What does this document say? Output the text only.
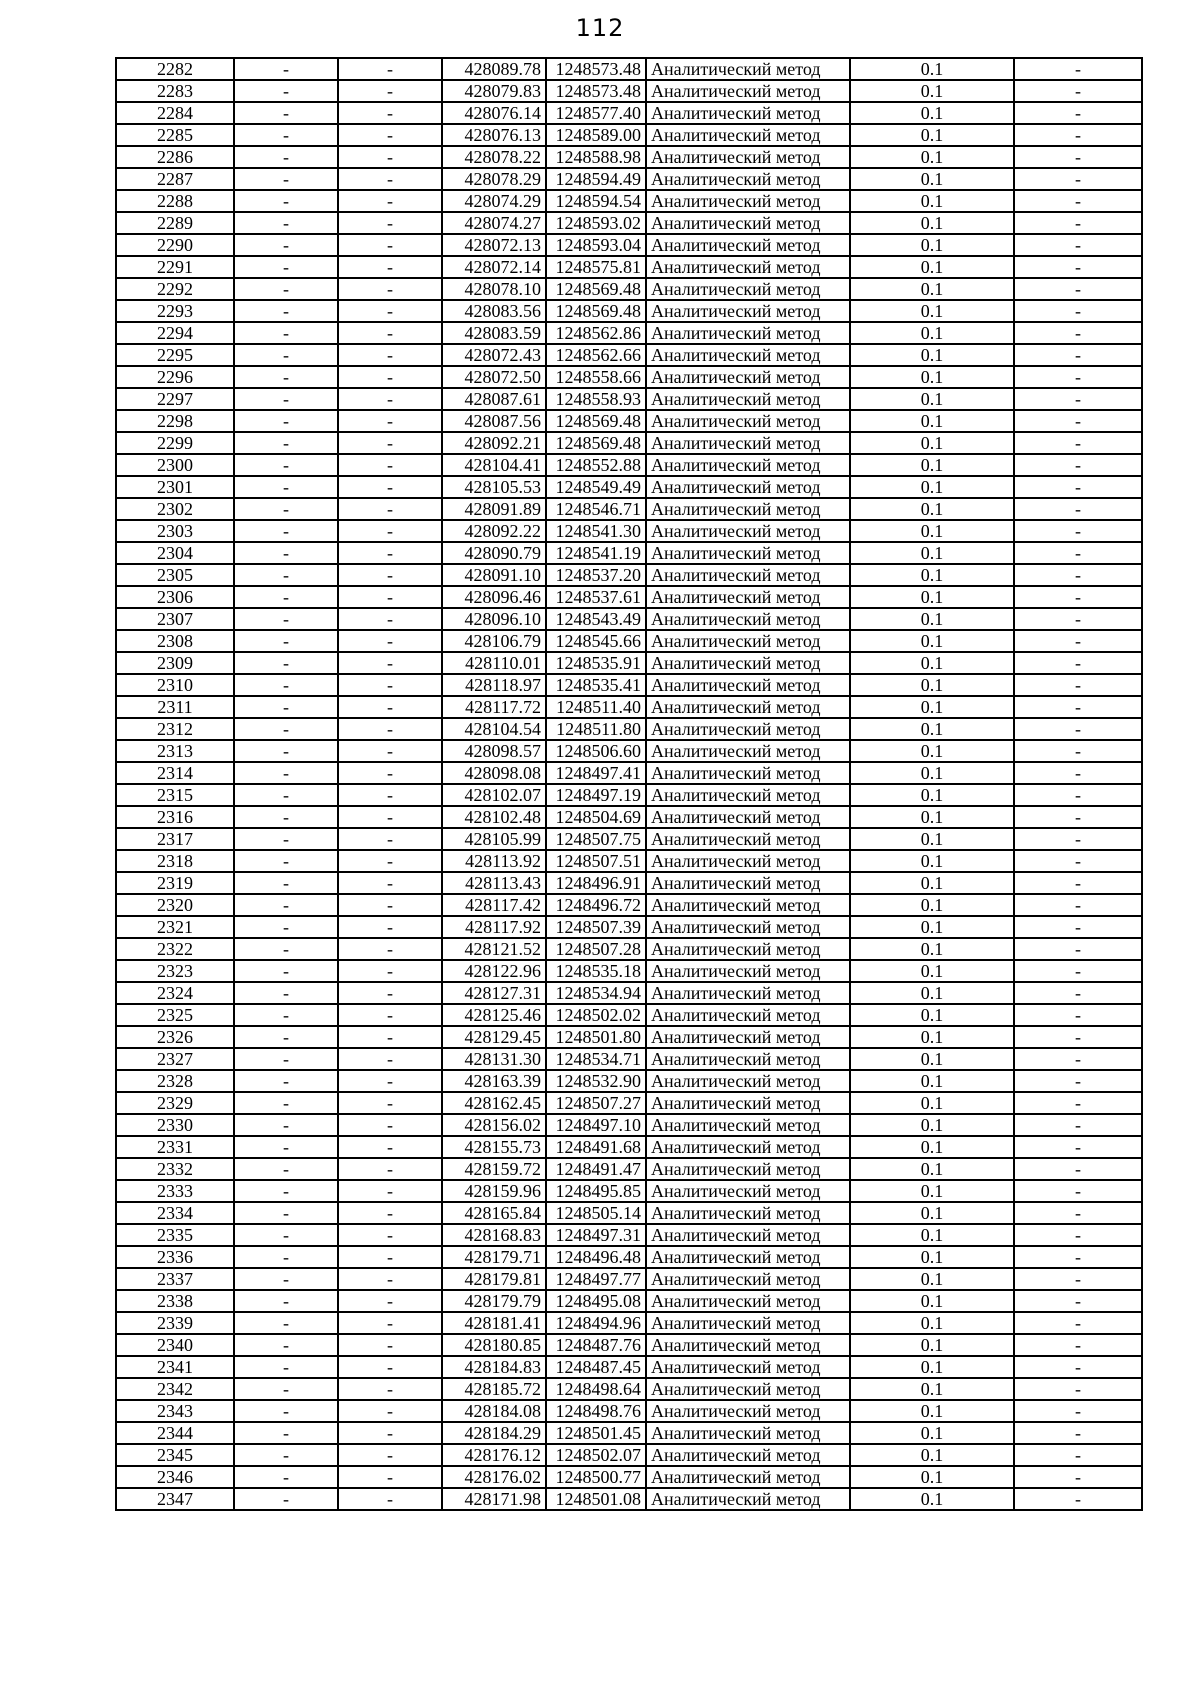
112
2282	-	-	428089.78	1248573.48	Аналитический метод	0.1	-
2283	-	-	428079.83	1248573.48	Аналитический метод	0.1	-
2284	-	-	428076.14	1248577.40	Аналитический метод	0.1	-
2285	-	-	428076.13	1248589.00	Аналитический метод	0.1	-
2286	-	-	428078.22	1248588.98	Аналитический метод	0.1	-
2287	-	-	428078.29	1248594.49	Аналитический метод	0.1	-
2288	-	-	428074.29	1248594.54	Аналитический метод	0.1	-
2289	-	-	428074.27	1248593.02	Аналитический метод	0.1	-
2290	-	-	428072.13	1248593.04	Аналитический метод	0.1	-
2291	-	-	428072.14	1248575.81	Аналитический метод	0.1	-
2292	-	-	428078.10	1248569.48	Аналитический метод	0.1	-
2293	-	-	428083.56	1248569.48	Аналитический метод	0.1	-
2294	-	-	428083.59	1248562.86	Аналитический метод	0.1	-
2295	-	-	428072.43	1248562.66	Аналитический метод	0.1	-
2296	-	-	428072.50	1248558.66	Аналитический метод	0.1	-
2297	-	-	428087.61	1248558.93	Аналитический метод	0.1	-
2298	-	-	428087.56	1248569.48	Аналитический метод	0.1	-
2299	-	-	428092.21	1248569.48	Аналитический метод	0.1	-
2300	-	-	428104.41	1248552.88	Аналитический метод	0.1	-
2301	-	-	428105.53	1248549.49	Аналитический метод	0.1	-
2302	-	-	428091.89	1248546.71	Аналитический метод	0.1	-
2303	-	-	428092.22	1248541.30	Аналитический метод	0.1	-
2304	-	-	428090.79	1248541.19	Аналитический метод	0.1	-
2305	-	-	428091.10	1248537.20	Аналитический метод	0.1	-
2306	-	-	428096.46	1248537.61	Аналитический метод	0.1	-
2307	-	-	428096.10	1248543.49	Аналитический метод	0.1	-
2308	-	-	428106.79	1248545.66	Аналитический метод	0.1	-
2309	-	-	428110.01	1248535.91	Аналитический метод	0.1	-
2310	-	-	428118.97	1248535.41	Аналитический метод	0.1	-
2311	-	-	428117.72	1248511.40	Аналитический метод	0.1	-
2312	-	-	428104.54	1248511.80	Аналитический метод	0.1	-
2313	-	-	428098.57	1248506.60	Аналитический метод	0.1	-
2314	-	-	428098.08	1248497.41	Аналитический метод	0.1	-
2315	-	-	428102.07	1248497.19	Аналитический метод	0.1	-
2316	-	-	428102.48	1248504.69	Аналитический метод	0.1	-
2317	-	-	428105.99	1248507.75	Аналитический метод	0.1	-
2318	-	-	428113.92	1248507.51	Аналитический метод	0.1	-
2319	-	-	428113.43	1248496.91	Аналитический метод	0.1	-
2320	-	-	428117.42	1248496.72	Аналитический метод	0.1	-
2321	-	-	428117.92	1248507.39	Аналитический метод	0.1	-
2322	-	-	428121.52	1248507.28	Аналитический метод	0.1	-
2323	-	-	428122.96	1248535.18	Аналитический метод	0.1	-
2324	-	-	428127.31	1248534.94	Аналитический метод	0.1	-
2325	-	-	428125.46	1248502.02	Аналитический метод	0.1	-
2326	-	-	428129.45	1248501.80	Аналитический метод	0.1	-
2327	-	-	428131.30	1248534.71	Аналитический метод	0.1	-
2328	-	-	428163.39	1248532.90	Аналитический метод	0.1	-
2329	-	-	428162.45	1248507.27	Аналитический метод	0.1	-
2330	-	-	428156.02	1248497.10	Аналитический метод	0.1	-
2331	-	-	428155.73	1248491.68	Аналитический метод	0.1	-
2332	-	-	428159.72	1248491.47	Аналитический метод	0.1	-
2333	-	-	428159.96	1248495.85	Аналитический метод	0.1	-
2334	-	-	428165.84	1248505.14	Аналитический метод	0.1	-
2335	-	-	428168.83	1248497.31	Аналитический метод	0.1	-
2336	-	-	428179.71	1248496.48	Аналитический метод	0.1	-
2337	-	-	428179.81	1248497.77	Аналитический метод	0.1	-
2338	-	-	428179.79	1248495.08	Аналитический метод	0.1	-
2339	-	-	428181.41	1248494.96	Аналитический метод	0.1	-
2340	-	-	428180.85	1248487.76	Аналитический метод	0.1	-
2341	-	-	428184.83	1248487.45	Аналитический метод	0.1	-
2342	-	-	428185.72	1248498.64	Аналитический метод	0.1	-
2343	-	-	428184.08	1248498.76	Аналитический метод	0.1	-
2344	-	-	428184.29	1248501.45	Аналитический метод	0.1	-
2345	-	-	428176.12	1248502.07	Аналитический метод	0.1	-
2346	-	-	428176.02	1248500.77	Аналитический метод	0.1	-
2347	-	-	428171.98	1248501.08	Аналитический метод	0.1	-
